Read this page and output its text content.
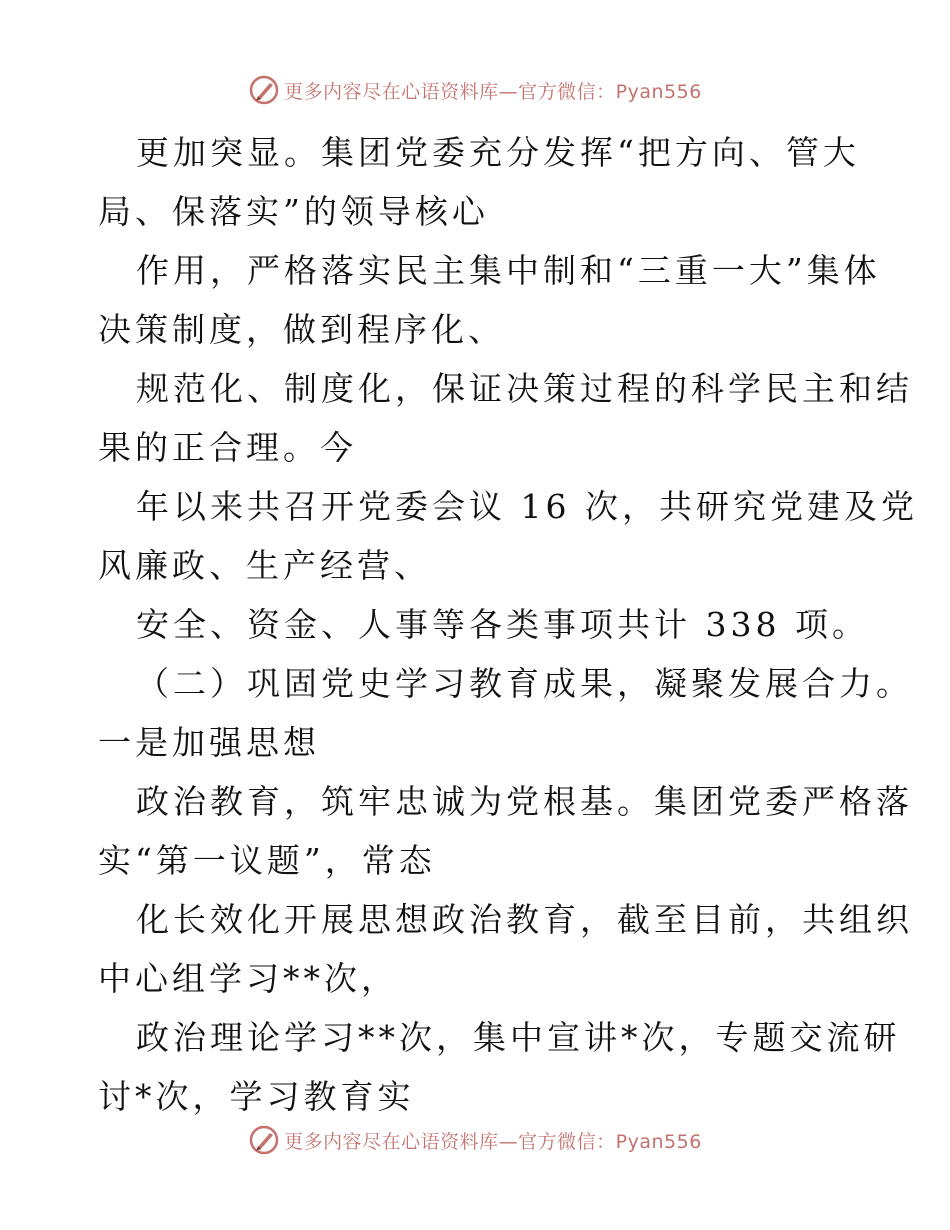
更多内容尽在心语资料库—官方微信：Pyan556
更加突显。集团党委充分发挥“把方向、管大
局、保落实”的领导核心
作用，严格落实民主集中制和“三重一大”集体
决策制度，做到程序化、
规范化、制度化，保证决策过程的科学民主和结
果的正合理。今
年以来共召开党委会议 16 次，共研究党建及党
风廉政、生产经营、
安全、资金、人事等各类事项共计 338 项。
（二）巩固党史学习教育成果，凝聚发展合力。
一是加强思想
政治教育，筑牢忠诚为党根基。集团党委严格落
实“第一议题”，常态
化长效化开展思想政治教育，截至目前，共组织
中心组学习**次，
政治理论学习**次，集中宣讲*次，专题交流研
讨*次，学习教育实
更多内容尽在心语资料库—官方微信：Pyan556
